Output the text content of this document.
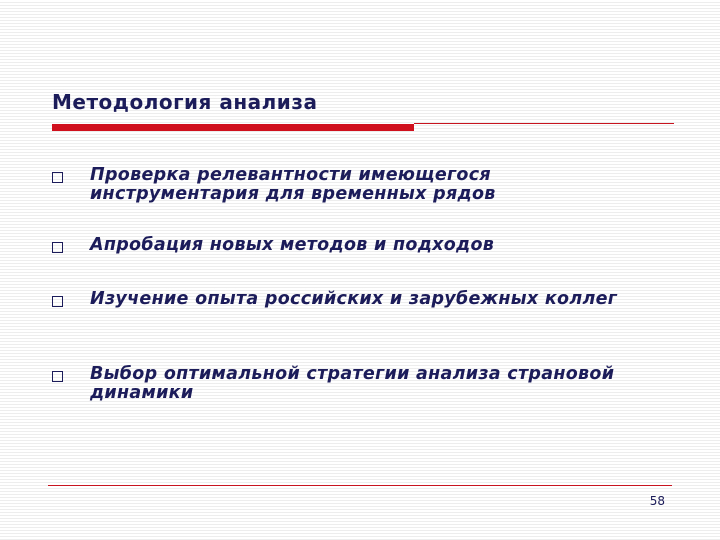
Методология анализа
Проверка релевантности имеющегося инструментария для временных рядов
Апробация новых методов и подходов
Изучение опыта российских и зарубежных коллег
Выбор оптимальной стратегии анализа страновой динамики
58
